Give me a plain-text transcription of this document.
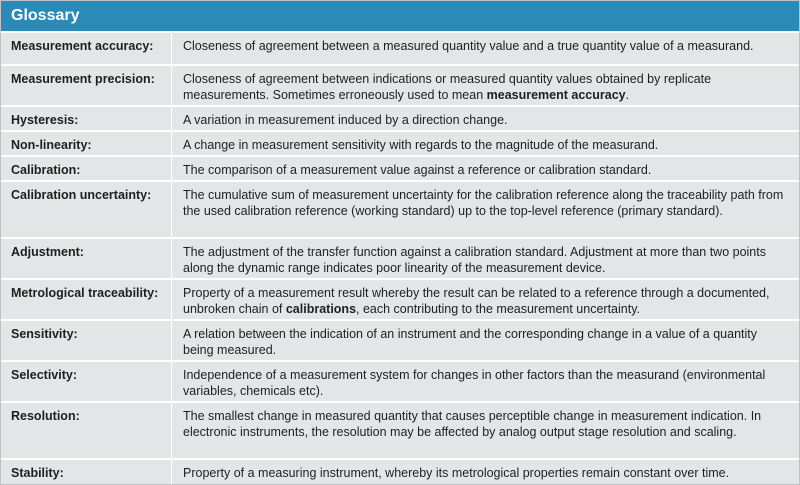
Glossary
Measurement accuracy:	Closeness of agreement between a measured quantity value and a true quantity value of a measurand.
Measurement precision:	Closeness of agreement between indications or measured quantity values obtained by replicate measurements. Sometimes erroneously used to mean measurement accuracy.
Hysteresis:	A variation in measurement induced by a direction change.
Non-linearity:	A change in measurement sensitivity with regards to the magnitude of the measurand.
Calibration:	The comparison of a measurement value against a reference or calibration standard.
Calibration uncertainty:	The cumulative sum of measurement uncertainty for the calibration reference along the traceability path from the used calibration reference (working standard) up to the top-level reference (primary standard).
Adjustment:	The adjustment of the transfer function against a calibration standard. Adjustment at more than two points along the dynamic range indicates poor linearity of the measurement device.
Metrological traceability:	Property of a measurement result whereby the result can be related to a reference through a documented, unbroken chain of calibrations, each contributing to the measurement uncertainty.
Sensitivity:	A relation between the indication of an instrument and the corresponding change in a value of a quantity being measured.
Selectivity:	Independence of a measurement system for changes in other factors than the measurand (environmental variables, chemicals etc).
Resolution:	The smallest change in measured quantity that causes perceptible change in measurement indication. In electronic instruments, the resolution may be affected by analog output stage resolution and scaling.
Stability:	Property of a measuring instrument, whereby its metrological properties remain constant over time.
